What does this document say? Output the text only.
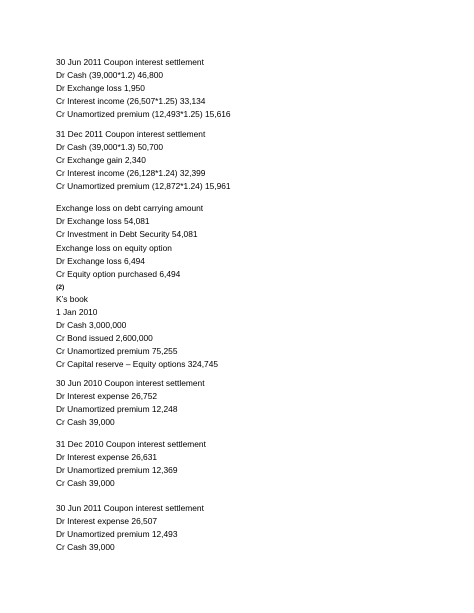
30 Jun 2011 Coupon interest settlement
Dr Cash (39,000*1.2) 46,800
Dr Exchange loss 1,950
Cr Interest income (26,507*1.25) 33,134
Cr Unamortized premium (12,493*1.25) 15,616
31 Dec 2011 Coupon interest settlement
Dr Cash (39,000*1.3) 50,700
Cr Exchange gain 2,340
Cr Interest income (26,128*1.24) 32,399
Cr Unamortized premium (12,872*1.24) 15,961
Exchange loss on debt carrying amount
Dr Exchange loss 54,081
Cr Investment in Debt Security 54,081
Exchange loss on equity option
Dr Exchange loss 6,494
Cr Equity option purchased 6,494
(2)
K’s book
1 Jan 2010
Dr Cash 3,000,000
Cr Bond issued 2,600,000
Cr Unamortized premium 75,255
Cr Capital reserve – Equity options 324,745
30 Jun 2010 Coupon interest settlement
Dr Interest expense 26,752
Dr Unamortized premium 12,248
Cr Cash 39,000
31 Dec 2010 Coupon interest settlement
Dr Interest expense 26,631
Dr Unamortized premium 12,369
Cr Cash 39,000
30 Jun 2011 Coupon interest settlement
Dr Interest expense 26,507
Dr Unamortized premium 12,493
Cr Cash 39,000
